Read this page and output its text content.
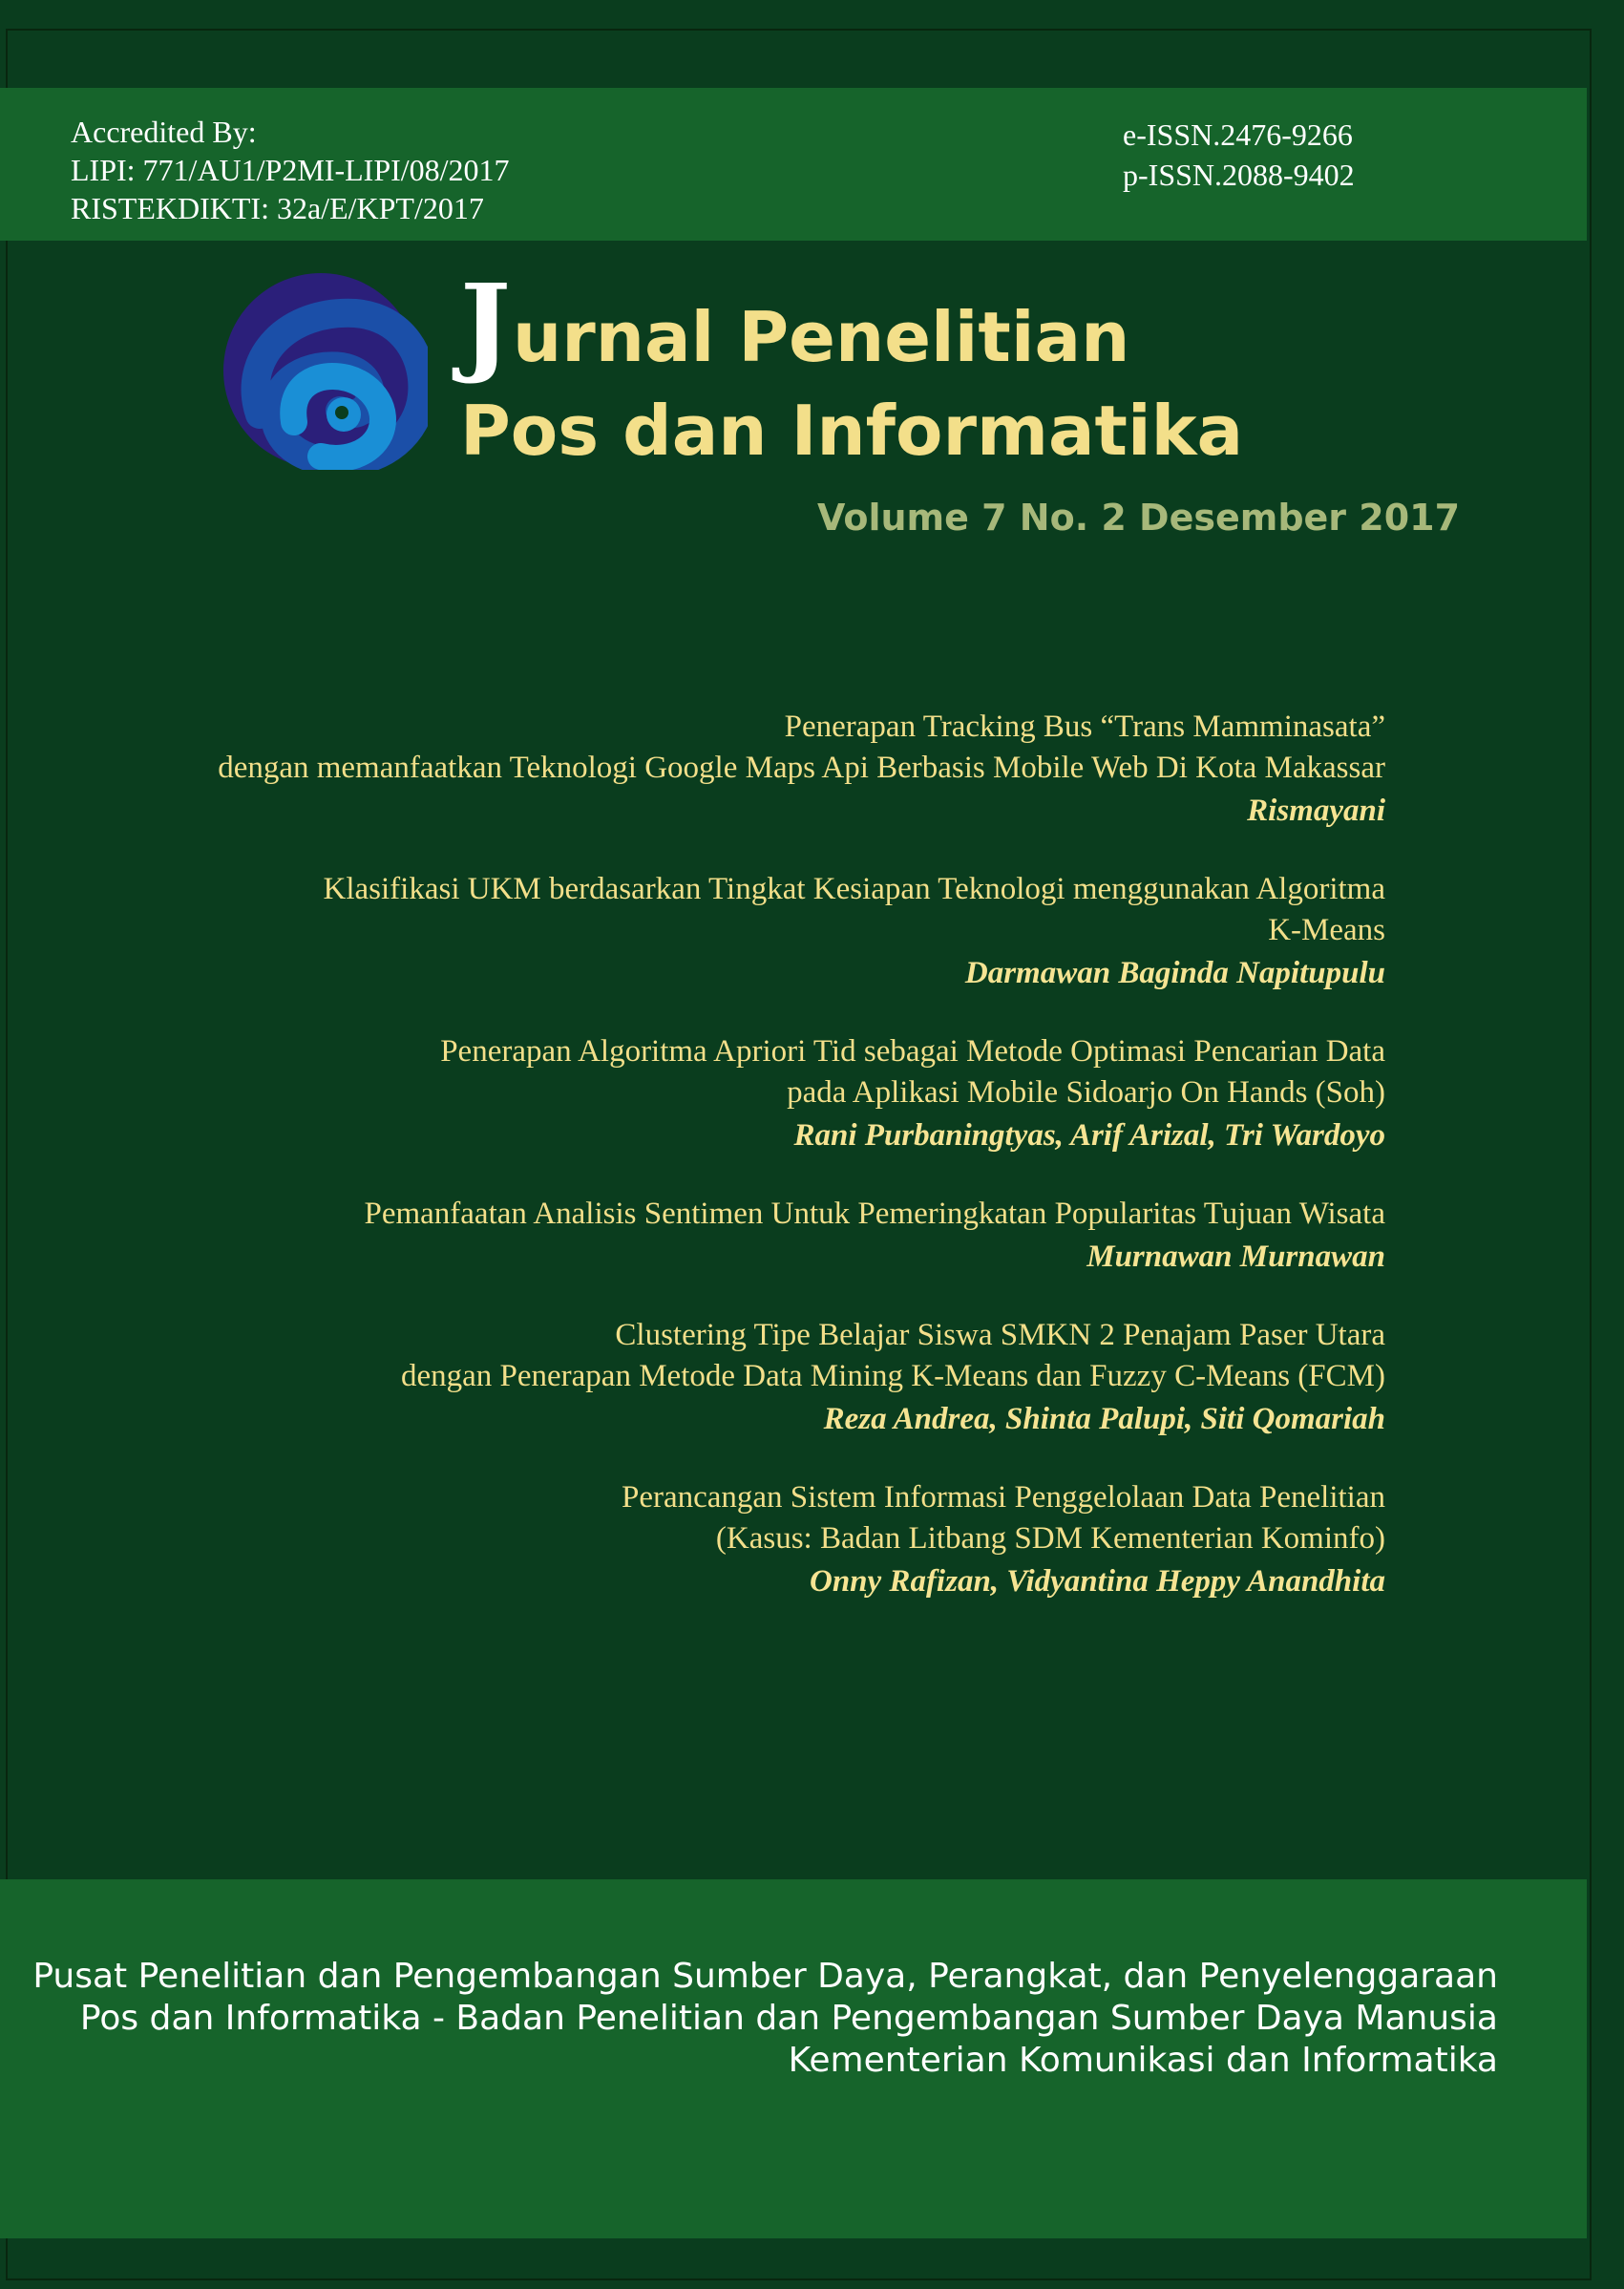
Accredited By:
LIPI: 771/AU1/P2MI-LIPI/08/2017
RISTEKDIKTI: 32a/E/KPT/2017
e-ISSN.2476-9266
p-ISSN.2088-9402
Jurnal Penelitian
Pos dan Informatika
Volume 7 No. 2 Desember 2017
Penerapan Tracking Bus “Trans Mamminasata”
dengan memanfaatkan Teknologi Google Maps Api Berbasis Mobile Web Di Kota Makassar
Rismayani
Klasifikasi UKM berdasarkan Tingkat Kesiapan Teknologi menggunakan Algoritma
K-Means
Darmawan Baginda Napitupulu
Penerapan Algoritma Apriori Tid sebagai Metode Optimasi Pencarian Data
pada Aplikasi Mobile Sidoarjo On Hands (Soh)
Rani Purbaningtyas, Arif Arizal, Tri Wardoyo
Pemanfaatan Analisis Sentimen Untuk Pemeringkatan Popularitas Tujuan Wisata
Murnawan Murnawan
Clustering Tipe Belajar Siswa SMKN 2 Penajam Paser Utara
dengan Penerapan Metode Data Mining K-Means dan Fuzzy C-Means (FCM)
Reza Andrea, Shinta Palupi, Siti Qomariah
Perancangan Sistem Informasi Penggelolaan Data Penelitian
(Kasus: Badan Litbang SDM Kementerian Kominfo)
Onny Rafizan, Vidyantina Heppy Anandhita
Pusat Penelitian dan Pengembangan Sumber Daya, Perangkat, dan Penyelenggaraan
Pos dan Informatika - Badan Penelitian dan Pengembangan Sumber Daya Manusia
Kementerian Komunikasi dan Informatika
